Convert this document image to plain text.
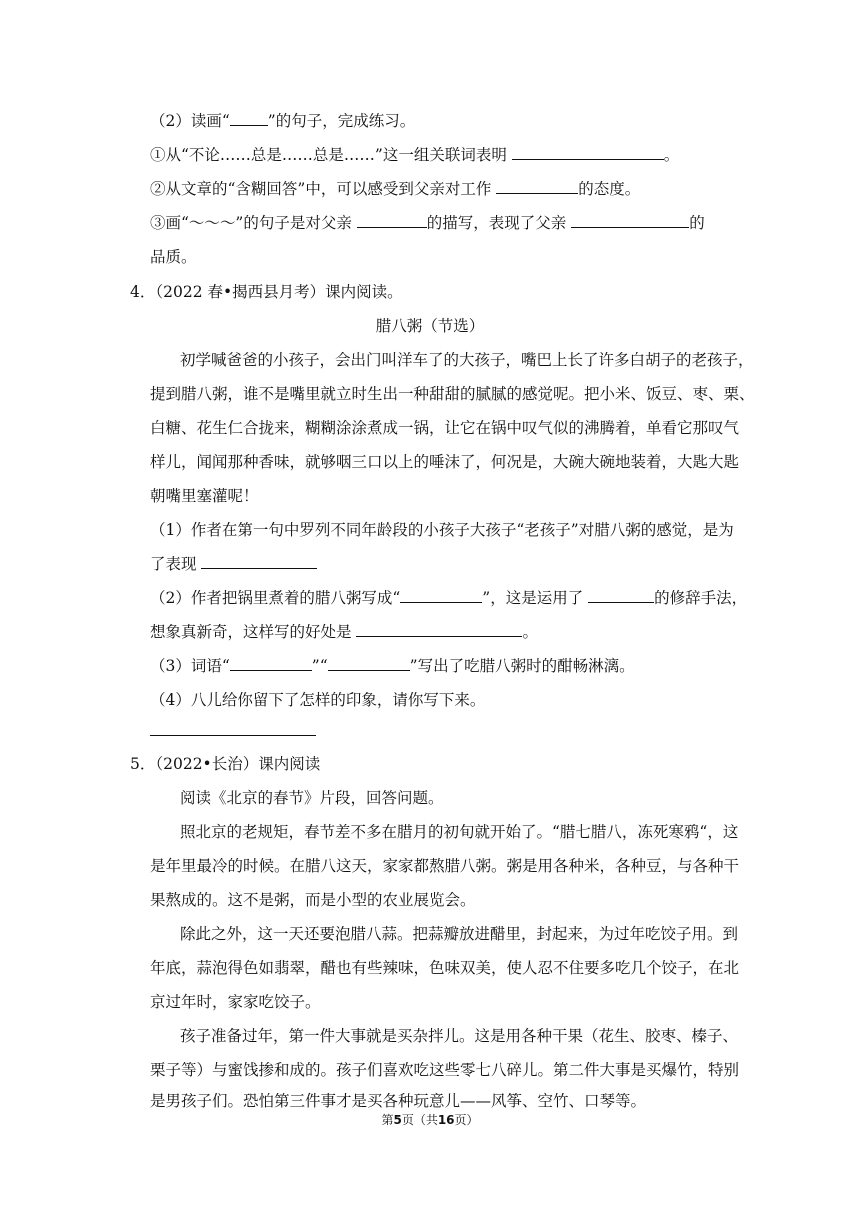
（2）读画“ ”的句子，完成练习。
①从“不论……总是……总是……”这一组关联词表明	。
②从文章的“含糊回答”中，可以感受到父亲对工作	的态度。
③画“～～～”的句子是对父亲	的描写，表现了父亲	的
品质。
4．（2022 春•揭西县月考）课内阅读。
腊八粥（节选）
初学喊爸爸的小孩子，会出门叫洋车了的大孩子，嘴巴上长了许多白胡子的老孩子，
提到腊八粥，谁不是嘴里就立时生出一种甜甜的腻腻的感觉呢。把小米、饭豆、枣、栗、
白糖、花生仁合拢来，糊糊涂涂煮成一锅，让它在锅中叹气似的沸腾着，单看它那叹气
样儿，闻闻那种香味，就够咽三口以上的唾沫了，何况是，大碗大碗地装着，大匙大匙
朝嘴里塞灌呢！
（1）作者在第一句中罗列不同年龄段的小孩子大孩子“老孩子”对腊八粥的感觉，是为
了表现
（2）作者把锅里煮着的腊八粥写成“	”，这是运用了	的修辞手法，
想象真新奇，这样写的好处是	。
（3）词语“	”“	”写出了吃腊八粥时的酣畅淋漓。
（4）八儿给你留下了怎样的印象，请你写下来。
5．（2022•长治）课内阅读
阅读《北京的春节》片段，回答问题。
照北京的老规矩，春节差不多在腊月的初旬就开始了。“腊七腊八，冻死寒鸦“，这
是年里最冷的时候。在腊八这天，家家都熬腊八粥。粥是用各种米，各种豆，与各种干
果熬成的。这不是粥，而是小型的农业展览会。
除此之外，这一天还要泡腊八蒜。把蒜瓣放进醋里，封起来，为过年吃饺子用。到
年底，蒜泡得色如翡翠，醋也有些辣味，色味双美，使人忍不住要多吃几个饺子，在北
京过年时，家家吃饺子。
孩子准备过年，第一件大事就是买杂拌儿。这是用各种干果（花生、胶枣、榛子、
栗子等）与蜜饯掺和成的。孩子们喜欢吃这些零七八碎儿。第二件大事是买爆竹，特别
是男孩子们。恐怕第三件事才是买各种玩意儿——风筝、空竹、口琴等。
第5页（共16页）
